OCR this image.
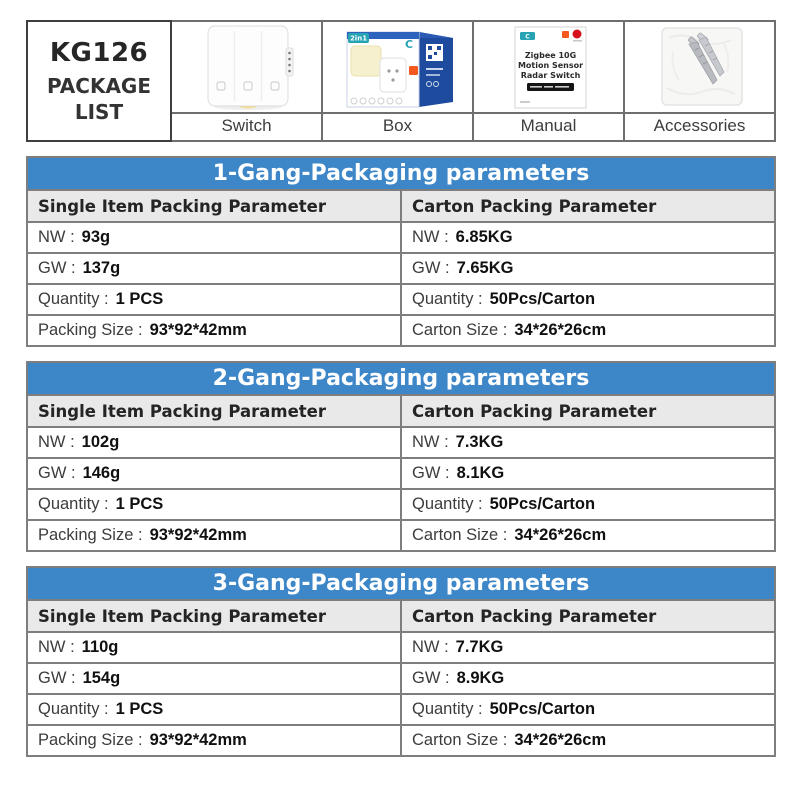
KG126
PACKAGE LIST

2in1	C

C
Zigbee 10G
Motion Sensor
Radar Switch

	Switch	Box	Manual	Accessories
1-Gang-Packaging parameters	
Single Item Packing Parameter	Carton Packing Parameter
NW : 93g	NW : 6.85KG
GW : 137g	GW : 7.65KG
Quantity : 1 PCS	Quantity : 50Pcs/Carton
Packing Size : 93*92*42mm	Carton Size : 34*26*26cm
2-Gang-Packaging parameters	
Single Item Packing Parameter	Carton Packing Parameter
NW : 102g	NW : 7.3KG
GW : 146g	GW : 8.1KG
Quantity : 1 PCS	Quantity : 50Pcs/Carton
Packing Size : 93*92*42mm	Carton Size : 34*26*26cm
3-Gang-Packaging parameters	
Single Item Packing Parameter	Carton Packing Parameter
NW : 110g	NW : 7.7KG
GW : 154g	GW : 8.9KG
Quantity : 1 PCS	Quantity : 50Pcs/Carton
Packing Size : 93*92*42mm	Carton Size : 34*26*26cm
